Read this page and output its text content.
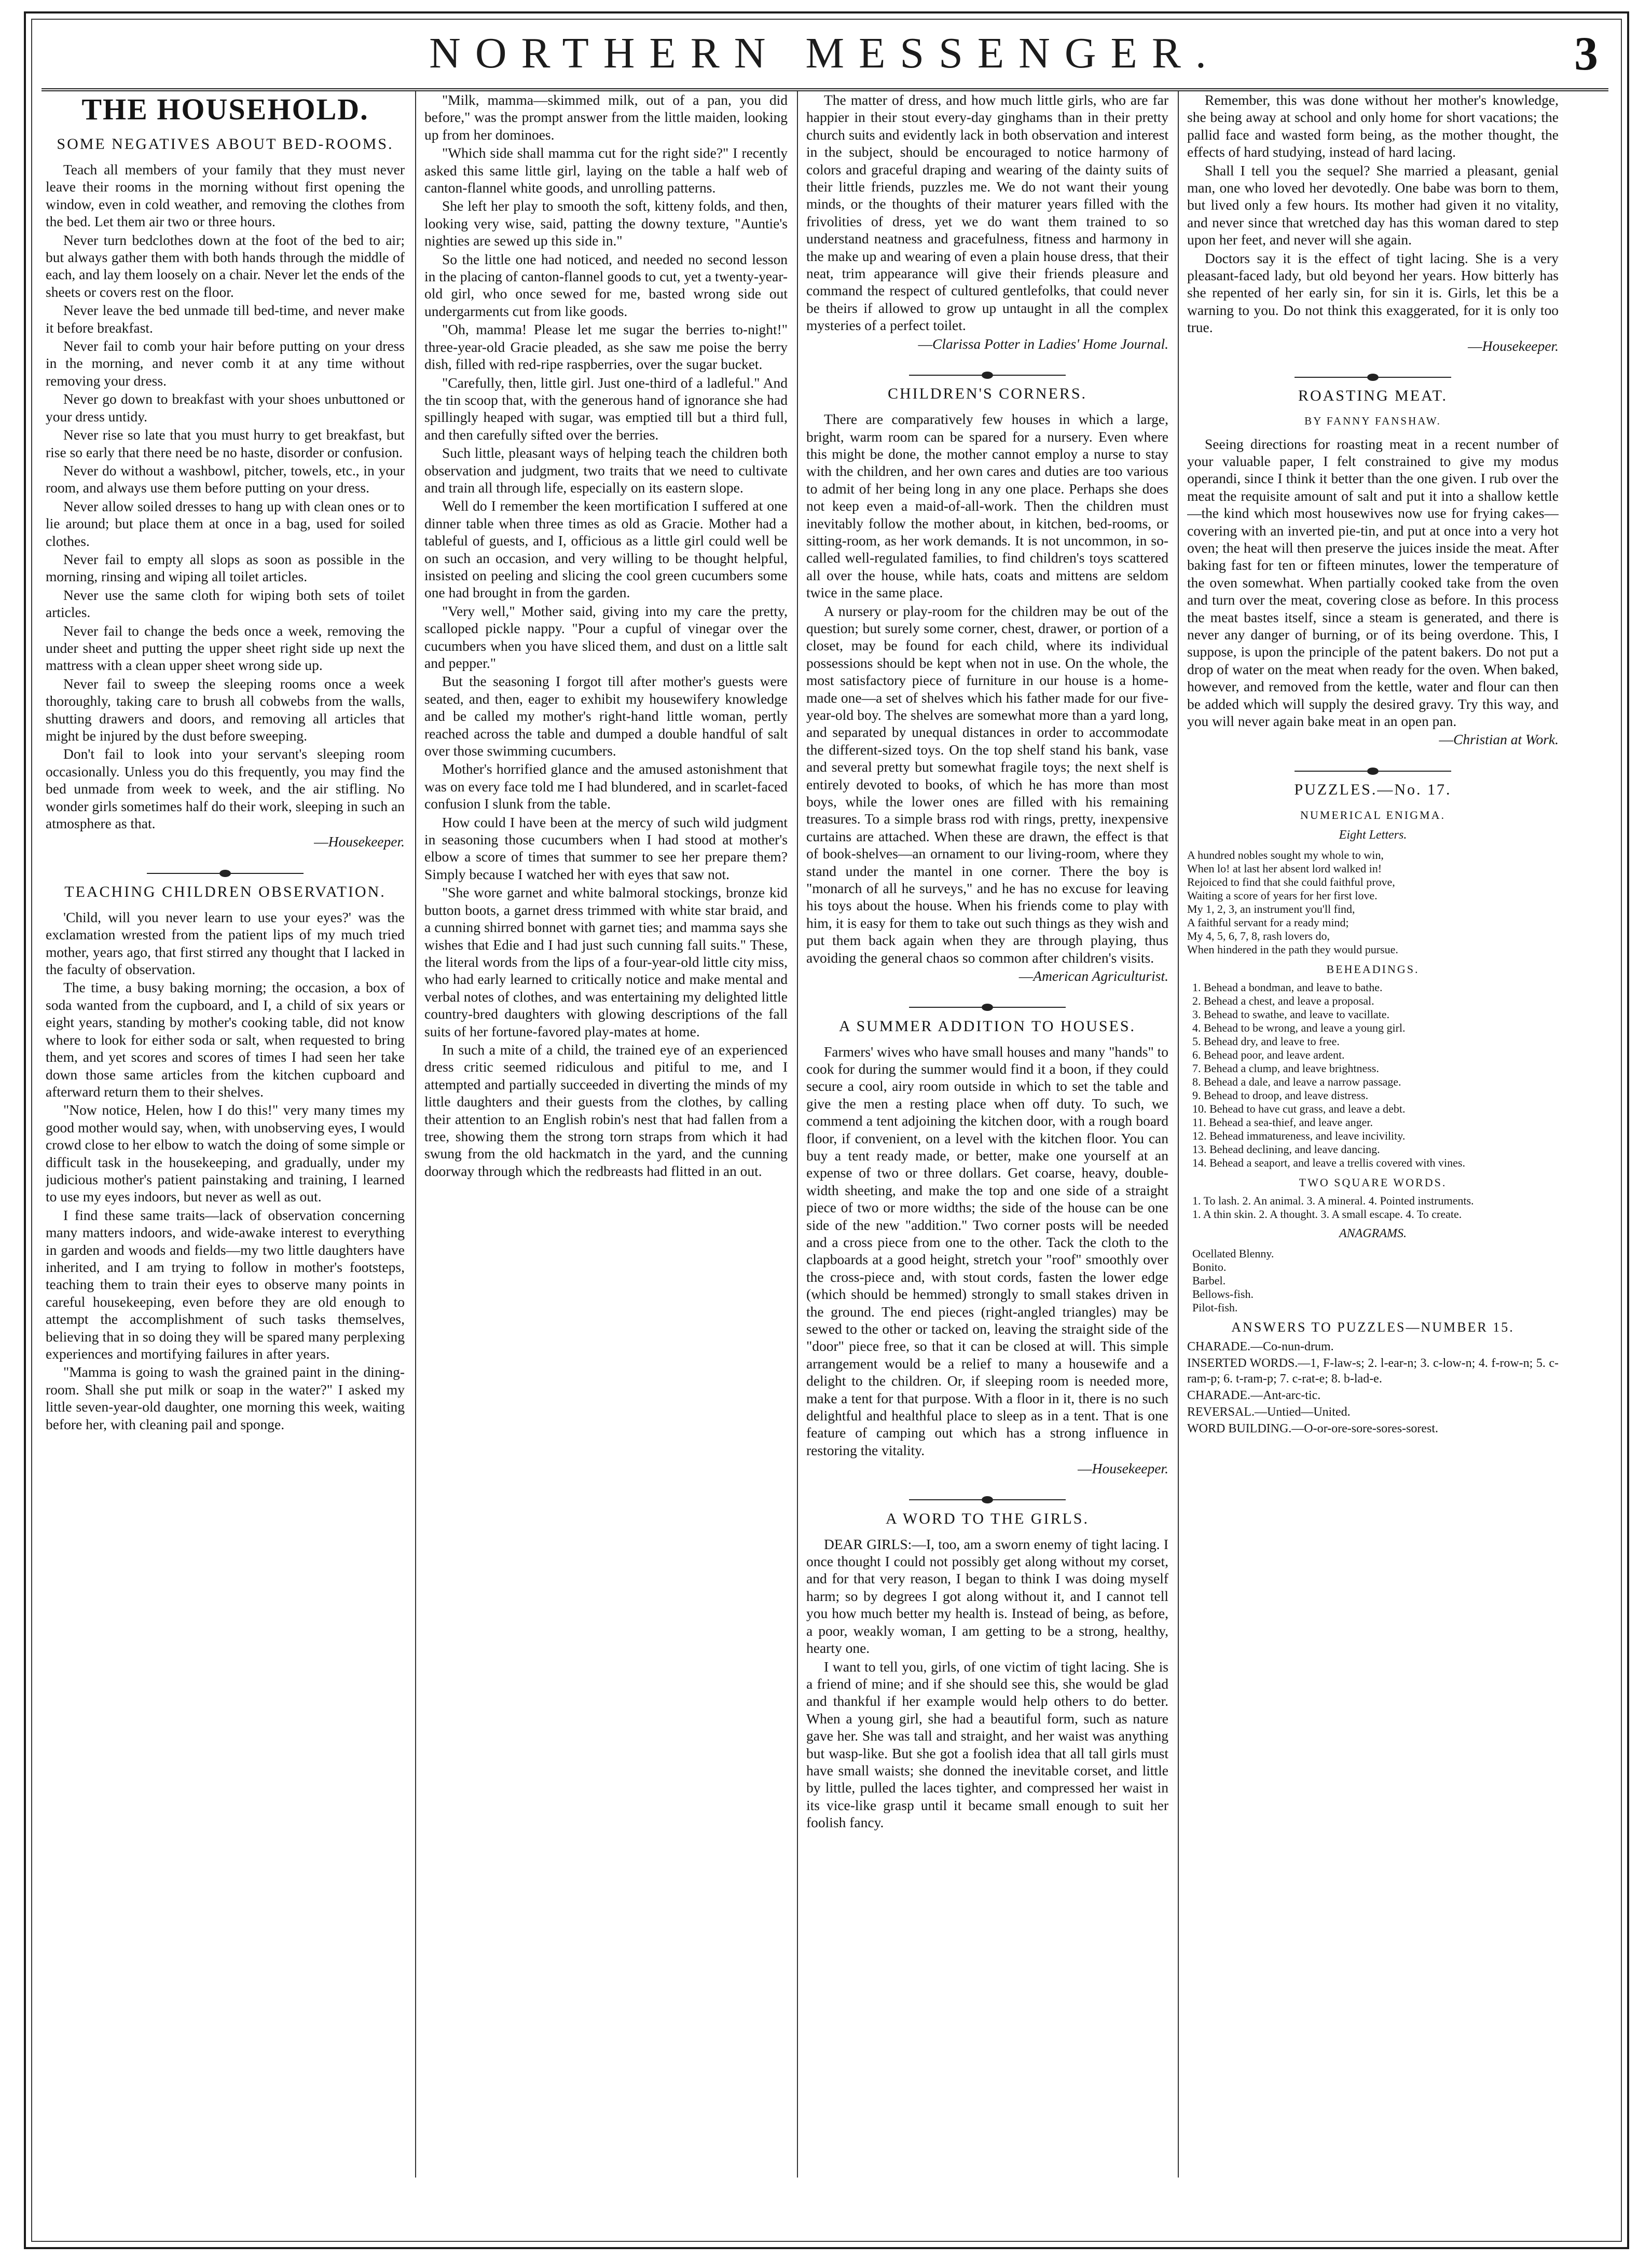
NORTHERN MESSENGER.	3
THE HOUSEHOLD.
SOME NEGATIVES ABOUT BED-ROOMS.

Teach all members of your family that they must never leave their rooms in the morning without first opening the window, even in cold weather, and removing the clothes from the bed. Let them air two or three hours.

Never turn bedclothes down at the foot of the bed to air; but always gather them with both hands through the middle of each, and lay them loosely on a chair. Never let the ends of the sheets or covers rest on the floor.

Never leave the bed unmade till bed-time, and never make it before breakfast.

Never fail to comb your hair before putting on your dress in the morning, and never comb it at any time without removing your dress.

Never go down to breakfast with your shoes unbuttoned or your dress untidy.

Never rise so late that you must hurry to get breakfast, but rise so early that there need be no haste, disorder or confusion.

Never do without a washbowl, pitcher, towels, etc., in your room, and always use them before putting on your dress.

Never allow soiled dresses to hang up with clean ones or to lie around; but place them at once in a bag, used for soiled clothes.

Never fail to empty all slops as soon as possible in the morning, rinsing and wiping all toilet articles.

Never use the same cloth for wiping both sets of toilet articles.

Never fail to change the beds once a week, removing the under sheet and putting the upper sheet right side up next the mattress with a clean upper sheet wrong side up.

Never fail to sweep the sleeping rooms once a week thoroughly, taking care to brush all cobwebs from the walls, shutting drawers and doors, and removing all articles that might be injured by the dust before sweeping.

Don't fail to look into your servant's sleeping room occasionally. Unless you do this frequently, you may find the bed unmade from week to week, and the air stifling. No wonder girls sometimes half do their work, sleeping in such an atmosphere as that.

—Housekeeper.

TEACHING CHILDREN OBSERVATION.

'Child, will you never learn to use your eyes?' was the exclamation wrested from the patient lips of my much tried mother, years ago, that first stirred any thought that I lacked in the faculty of observation.

The time, a busy baking morning; the occasion, a box of soda wanted from the cupboard, and I, a child of six years or eight years, standing by mother's cooking table, did not know where to look for either soda or salt, when requested to bring them, and yet scores and scores of times I had seen her take down those same articles from the kitchen cupboard and afterward return them to their shelves.

"Now notice, Helen, how I do this!" very many times my good mother would say, when, with unobserving eyes, I would crowd close to her elbow to watch the doing of some simple or difficult task in the housekeeping, and gradually, under my judicious mother's patient painstaking and training, I learned to use my eyes indoors, but never as well as out.

I find these same traits—lack of observation concerning many matters indoors, and wide-awake interest to everything in garden and woods and fields—my two little daughters have inherited, and I am trying to follow in mother's footsteps, teaching them to train their eyes to observe many points in careful housekeeping, even before they are old enough to attempt the accomplishment of such tasks themselves, believing that in so doing they will be spared many perplexing experiences and mortifying failures in after years.

"Mamma is going to wash the grained paint in the dining-room. Shall she put milk or soap in the water?" I asked my little seven-year-old daughter, one morning this week, waiting before her, with cleaning pail and sponge.

"Milk, mamma—skimmed milk, out of a pan, you did before," was the prompt answer from the little maiden, looking up from her dominoes.

"Which side shall mamma cut for the right side?" I recently asked this same little girl, laying on the table a half web of canton-flannel white goods, and unrolling patterns.

She left her play to smooth the soft, kitteny folds, and then, looking very wise, said, patting the downy texture, "Auntie's nighties are sewed up this side in."

So the little one had noticed, and needed no second lesson in the placing of canton-flannel goods to cut, yet a twenty-year-old girl, who once sewed for me, basted wrong side out undergarments cut from like goods.

"Oh, mamma! Please let me sugar the berries to-night!" three-year-old Gracie pleaded, as she saw me poise the berry dish, filled with red-ripe raspberries, over the sugar bucket.

"Carefully, then, little girl. Just one-third of a ladleful." And the tin scoop that, with the generous hand of ignorance she had spillingly heaped with sugar, was emptied till but a third full, and then carefully sifted over the berries.

Such little, pleasant ways of helping teach the children both observation and judgment, two traits that we need to cultivate and train all through life, especially on its eastern slope.

Well do I remember the keen mortification I suffered at one dinner table when three times as old as Gracie. Mother had a tableful of guests, and I, officious as a little girl could well be on such an occasion, and very willing to be thought helpful, insisted on peeling and slicing the cool green cucumbers some one had brought in from the garden.

"Very well," Mother said, giving into my care the pretty, scalloped pickle nappy. "Pour a cupful of vinegar over the cucumbers when you have sliced them, and dust on a little salt and pepper."

But the seasoning I forgot till after mother's guests were seated, and then, eager to exhibit my housewifery knowledge and be called my mother's right-hand little woman, pertly reached across the table and dumped a double handful of salt over those swimming cucumbers.

Mother's horrified glance and the amused astonishment that was on every face told me I had blundered, and in scarlet-faced confusion I slunk from the table.

How could I have been at the mercy of such wild judgment in seasoning those cucumbers when I had stood at mother's elbow a score of times that summer to see her prepare them? Simply because I watched her with eyes that saw not.

"She wore garnet and white balmoral stockings, bronze kid button boots, a garnet dress trimmed with white star braid, and a cunning shirred bonnet with garnet ties; and mamma says she wishes that Edie and I had just such cunning fall suits." These, the literal words from the lips of a four-year-old little city miss, who had early learned to critically notice and make mental and verbal notes of clothes, and was entertaining my delighted little country-bred daughters with glowing descriptions of the fall suits of her fortune-favored play-mates at home.

In such a mite of a child, the trained eye of an experienced dress critic seemed ridiculous and pitiful to me, and I attempted and partially succeeded in diverting the minds of my little daughters and their guests from the clothes, by calling their attention to an English robin's nest that had fallen from a tree, showing them the strong torn straps from which it had swung from the old hackmatch in the yard, and the cunning doorway through which the redbreasts had flitted in an out.

The matter of dress, and how much little girls, who are far happier in their stout every-day ginghams than in their pretty church suits and evidently lack in both observation and interest in the subject, should be encouraged to notice harmony of colors and graceful draping and wearing of the dainty suits of their little friends, puzzles me. We do not want their young minds, or the thoughts of their maturer years filled with the frivolities of dress, yet we do want them trained to so understand neatness and gracefulness, fitness and harmony in the make up and wearing of even a plain house dress, that their neat, trim appearance will give their friends pleasure and command the respect of cultured gentlefolks, that could never be theirs if allowed to grow up untaught in all the complex mysteries of a perfect toilet.

—Clarissa Potter in Ladies' Home Journal.

CHILDREN'S CORNERS.

There are comparatively few houses in which a large, bright, warm room can be spared for a nursery. Even where this might be done, the mother cannot employ a nurse to stay with the children, and her own cares and duties are too various to admit of her being long in any one place. Perhaps she does not keep even a maid-of-all-work. Then the children must inevitably follow the mother about, in kitchen, bed-rooms, or sitting-room, as her work demands. It is not uncommon, in so-called well-regulated families, to find children's toys scattered all over the house, while hats, coats and mittens are seldom twice in the same place.

A nursery or play-room for the children may be out of the question; but surely some corner, chest, drawer, or portion of a closet, may be found for each child, where its individual possessions should be kept when not in use. On the whole, the most satisfactory piece of furniture in our house is a home-made one—a set of shelves which his father made for our five-year-old boy. The shelves are somewhat more than a yard long, and separated by unequal distances in order to accommodate the different-sized toys. On the top shelf stand his bank, vase and several pretty but somewhat fragile toys; the next shelf is entirely devoted to books, of which he has more than most boys, while the lower ones are filled with his remaining treasures. To a simple brass rod with rings, pretty, inexpensive curtains are attached. When these are drawn, the effect is that of book-shelves—an ornament to our living-room, where they stand under the mantel in one corner. There the boy is "monarch of all he surveys," and he has no excuse for leaving his toys about the house. When his friends come to play with him, it is easy for them to take out such things as they wish and put them back again when they are through playing, thus avoiding the general chaos so common after children's visits.

—American Agriculturist.

A SUMMER ADDITION TO HOUSES.

Farmers' wives who have small houses and many "hands" to cook for during the summer would find it a boon, if they could secure a cool, airy room outside in which to set the table and give the men a resting place when off duty. To such, we commend a tent adjoining the kitchen door, with a rough board floor, if convenient, on a level with the kitchen floor. You can buy a tent ready made, or better, make one yourself at an expense of two or three dollars. Get coarse, heavy, double-width sheeting, and make the top and one side of a straight piece of two or more widths; the side of the house can be one side of the new "addition." Two corner posts will be needed and a cross piece from one to the other. Tack the cloth to the clapboards at a good height, stretch your "roof" smoothly over the cross-piece and, with stout cords, fasten the lower edge (which should be hemmed) strongly to small stakes driven in the ground. The end pieces (right-angled triangles) may be sewed to the other or tacked on, leaving the straight side of the "door" piece free, so that it can be closed at will. This simple arrangement would be a relief to many a housewife and a delight to the children. Or, if sleeping room is needed more, make a tent for that purpose. With a floor in it, there is no such delightful and healthful place to sleep as in a tent. That is one feature of camping out which has a strong influence in restoring the vitality.

—Housekeeper.

A WORD TO THE GIRLS.

DEAR GIRLS:—I, too, am a sworn enemy of tight lacing. I once thought I could not possibly get along without my corset, and for that very reason, I began to think I was doing myself harm; so by degrees I got along without it, and I cannot tell you how much better my health is. Instead of being, as before, a poor, weakly woman, I am getting to be a strong, healthy, hearty one.

I want to tell you, girls, of one victim of tight lacing. She is a friend of mine; and if she should see this, she would be glad and thankful if her example would help others to do better. When a young girl, she had a beautiful form, such as nature gave her. She was tall and straight, and her waist was anything but wasp-like. But she got a foolish idea that all tall girls must have small waists; she donned the inevitable corset, and little by little, pulled the laces tighter, and compressed her waist in its vice-like grasp until it became small enough to suit her foolish fancy.

Remember, this was done without her mother's knowledge, she being away at school and only home for short vacations; the pallid face and wasted form being, as the mother thought, the effects of hard studying, instead of hard lacing.

Shall I tell you the sequel? She married a pleasant, genial man, one who loved her devotedly. One babe was born to them, but lived only a few hours. Its mother had given it no vitality, and never since that wretched day has this woman dared to step upon her feet, and never will she again.

Doctors say it is the effect of tight lacing. She is a very pleasant-faced lady, but old beyond her years. How bitterly has she repented of her early sin, for sin it is. Girls, let this be a warning to you. Do not think this exaggerated, for it is only too true.

—Housekeeper.

ROASTING MEAT.
BY FANNY FANSHAW.

Seeing directions for roasting meat in a recent number of your valuable paper, I felt constrained to give my modus operandi, since I think it better than the one given. I rub over the meat the requisite amount of salt and put it into a shallow kettle—the kind which most housewives now use for frying cakes—covering with an inverted pie-tin, and put at once into a very hot oven; the heat will then preserve the juices inside the meat. After baking fast for ten or fifteen minutes, lower the temperature of the oven somewhat. When partially cooked take from the oven and turn over the meat, covering close as before. In this process the meat bastes itself, since a steam is generated, and there is never any danger of burning, or of its being overdone. This, I suppose, is upon the principle of the patent bakers. Do not put a drop of water on the meat when ready for the oven. When baked, however, and removed from the kettle, water and flour can then be added which will supply the desired gravy. Try this way, and you will never again bake meat in an open pan.

—Christian at Work.

PUZZLES.—No. 17.
NUMERICAL ENIGMA.
Eight Letters.

A hundred nobles sought my whole to win,

When lo! at last her absent lord walked in!

Rejoiced to find that she could faithful prove,

Waiting a score of years for her first love.

My 1, 2, 3, an instrument you'll find,

A faithful servant for a ready mind;

My 4, 5, 6, 7, 8, rash lovers do,

When hindered in the path they would pursue.

BEHEADINGS.
1. Behead a bondman, and leave to bathe.
2. Behead a chest, and leave a proposal.
3. Behead to swathe, and leave to vacillate.
4. Behead to be wrong, and leave a young girl.
5. Behead dry, and leave to free.
6. Behead poor, and leave ardent.
7. Behead a clump, and leave brightness.
8. Behead a dale, and leave a narrow passage.
9. Behead to droop, and leave distress.
10. Behead to have cut grass, and leave a debt.
11. Behead a sea-thief, and leave anger.
12. Behead immatureness, and leave incivility.
13. Behead declining, and leave dancing.
14. Behead a seaport, and leave a trellis covered with vines.
TWO SQUARE WORDS.
1. To lash. 2. An animal. 3. A mineral. 4. Pointed instruments.
1. A thin skin. 2. A thought. 3. A small escape. 4. To create.
ANAGRAMS.
Ocellated Blenny.
Bonito.
Barbel.
Bellows-fish.
Pilot-fish.
ANSWERS TO PUZZLES—NUMBER 15.

CHARADE.—Co-nun-drum.

INSERTED WORDS.—1, F-law-s; 2. l-ear-n; 3. c-low-n; 4. f-row-n; 5. c-ram-p; 6. t-ram-p; 7. c-rat-e; 8. b-lad-e.

CHARADE.—Ant-arc-tic.

REVERSAL.—Untied—United.

WORD BUILDING.—O-or-ore-sore-sores-sorest.
